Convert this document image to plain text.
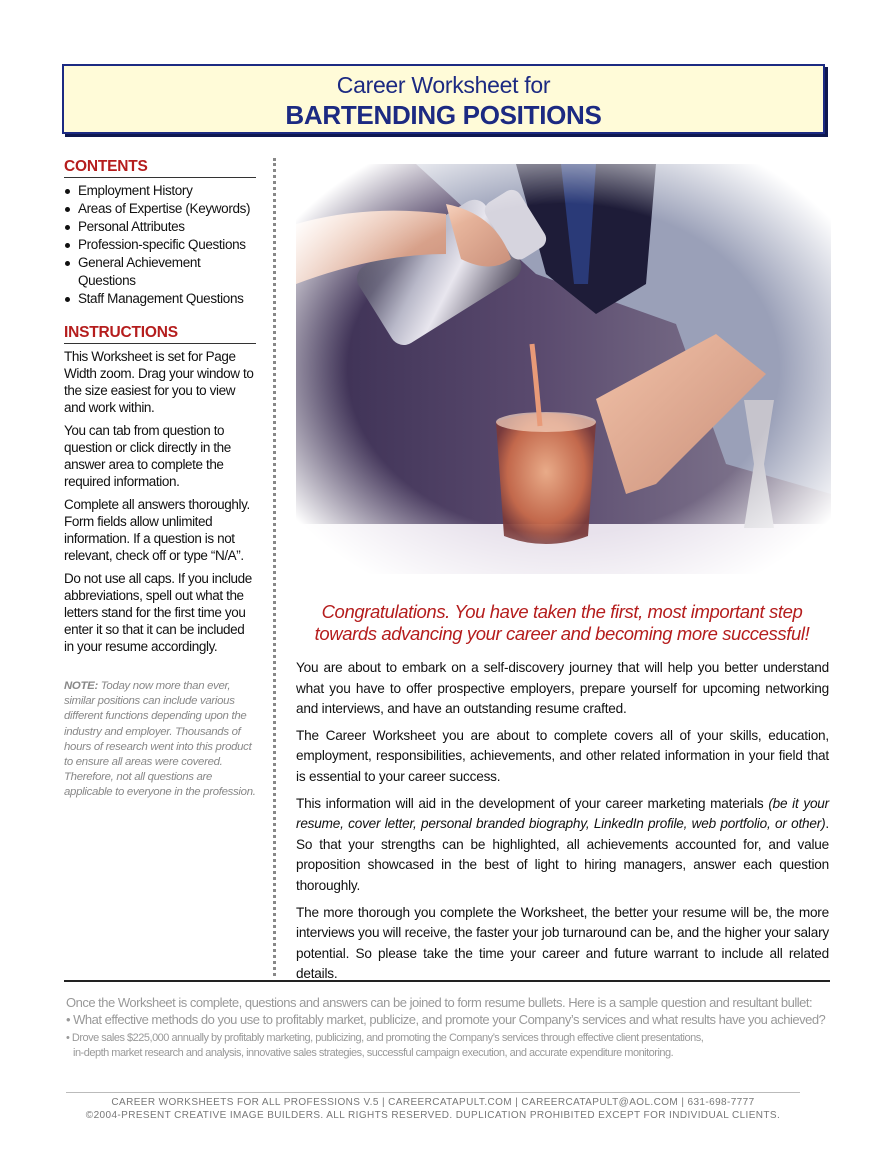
Career Worksheet for
BARTENDING POSITIONS
CONTENTS
Employment History
Areas of Expertise (Keywords)
Personal Attributes
Profession-specific Questions
General Achievement Questions
Staff Management Questions
INSTRUCTIONS

This Worksheet is set for Page Width zoom. Drag your window to the size easiest for you to view and work within.

You can tab from question to question or click directly in the answer area to complete the required information.

Complete all answers thoroughly. Form fields allow unlimited information. If a question is not relevant, check off or type “N/A”.

Do not use all caps. If you include abbreviations, spell out what the letters stand for the first time you enter it so that it can be included in your resume accordingly.

NOTE: Today now more than ever, similar positions can include various different functions depending upon the industry and employer. Thousands of hours of research went into this product to ensure all areas were covered. Therefore, not all questions are applicable to everyone in the profession.
Congratulations. You have taken the first, most important step
towards advancing your career and becoming more successful!

You are about to embark on a self-discovery journey that will help you better understand what you have to offer prospective employers, prepare yourself for upcoming networking and interviews, and have an outstanding resume crafted.

The Career Worksheet you are about to complete covers all of your skills, education, employment, responsibilities, achievements, and other related information in your field that is essential to your career success.

This information will aid in the development of your career marketing materials (be it your resume, cover letter, personal branded biography, LinkedIn profile, web portfolio, or other). So that your strengths can be highlighted, all achievements accounted for, and value proposition showcased in the best of light to hiring managers, answer each question thoroughly.

The more thorough you complete the Worksheet, the better your resume will be, the more interviews you will receive, the faster your job turnaround can be, and the higher your salary potential. So please take the time your career and future warrant to include all related details.

Once the Worksheet is complete, questions and answers can be joined to form resume bullets. Here is a sample question and resultant bullet:
• What effective methods do you use to profitably market, publicize, and promote your Company’s services and what results have you achieved?
• Drove sales $225,000 annually by profitably marketing, publicizing, and promoting the Company’s services through effective client presentations,
in-depth market research and analysis, innovative sales strategies, successful campaign execution, and accurate expenditure monitoring.
CAREER WORKSHEETS FOR ALL PROFESSIONS V.5 | CAREERCATAPULT.COM | CAREERCATAPULT@AOL.COM | 631-698-7777
©2004-PRESENT CREATIVE IMAGE BUILDERS. ALL RIGHTS RESERVED. DUPLICATION PROHIBITED EXCEPT FOR INDIVIDUAL CLIENTS.
